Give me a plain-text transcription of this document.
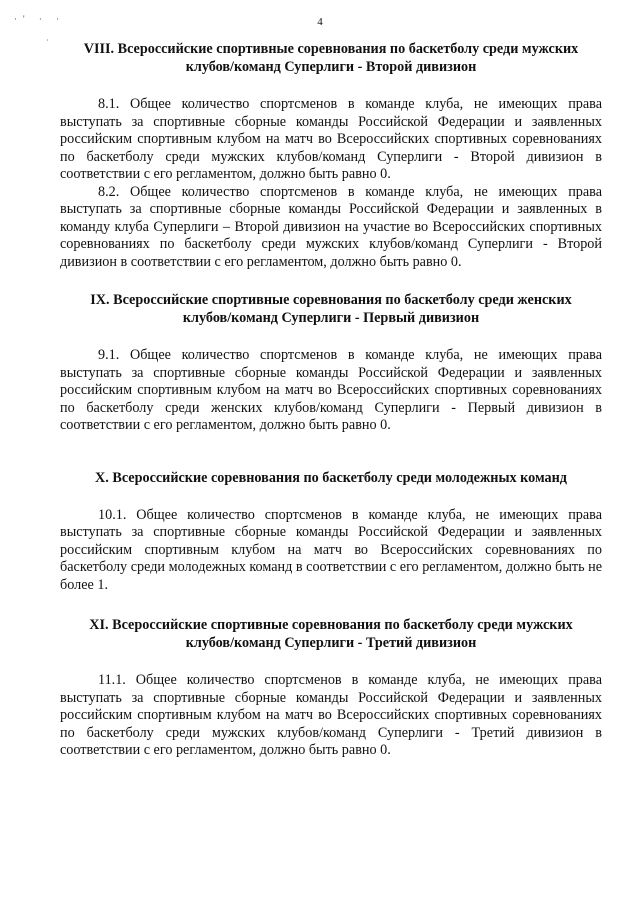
·' · ·
·
4
VIII. Всероссийские спортивные соревнования по баскетболу среди мужских
клубов/команд Суперлиги - Второй дивизион

8.1. Общее количество спортсменов в команде клуба, не имеющих права выступать за спортивные сборные команды Российской Федерации и заявленных российским спортивным клубом на матч во Всероссийских спортивных соревнованиях по баскетболу среди мужских клубов/команд Суперлиги - Второй дивизион в соответствии с его регламентом, должно быть равно 0.

8.2. Общее количество спортсменов в команде клуба, не имеющих права выступать за спортивные сборные команды Российской Федерации и заявленных в команду клуба Суперлиги – Второй дивизион на участие во Всероссийских спортивных соревнованиях по баскетболу среди мужских клубов/команд Суперлиги - Второй дивизион в соответствии с его регламентом, должно быть равно 0.

IX. Всероссийские спортивные соревнования по баскетболу среди женских
клубов/команд Суперлиги - Первый дивизион

9.1. Общее количество спортсменов в команде клуба, не имеющих права выступать за спортивные сборные команды Российской Федерации и заявленных российским спортивным клубом на матч во Всероссийских спортивных соревнованиях по баскетболу среди женских клубов/команд Суперлиги - Первый дивизион в соответствии с его регламентом, должно быть равно 0.

X. Всероссийские соревнования по баскетболу среди молодежных команд

10.1. Общее количество спортсменов в команде клуба, не имеющих права выступать за спортивные сборные команды Российской Федерации и заявленных российским спортивным клубом на матч во Всероссийских соревнованиях по баскетболу среди молодежных команд в соответствии с его регламентом, должно быть не более 1.

XI. Всероссийские спортивные соревнования по баскетболу среди мужских
клубов/команд Суперлиги - Третий дивизион

11.1. Общее количество спортсменов в команде клуба, не имеющих права выступать за спортивные сборные команды Российской Федерации и заявленных российским спортивным клубом на матч во Всероссийских спортивных соревнованиях по баскетболу среди мужских клубов/команд Суперлиги - Третий дивизион в соответствии с его регламентом, должно быть равно 0.
